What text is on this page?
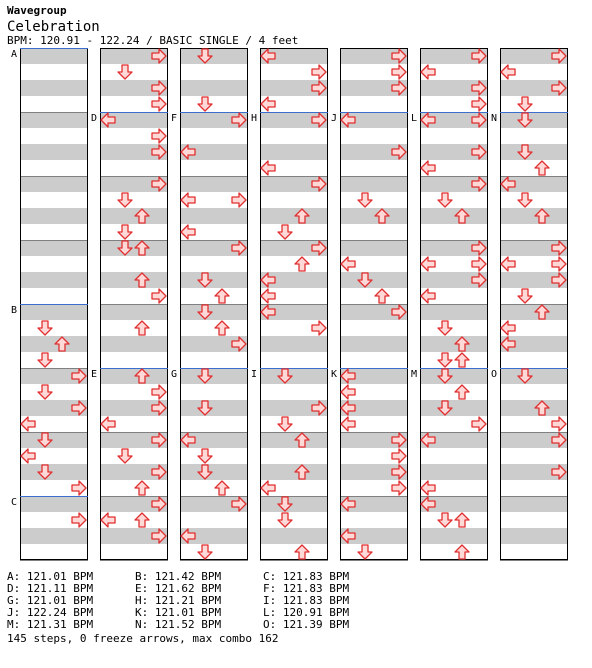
Wavegroup
Celebration
BPM: 120.91 - 122.24 / BASIC SINGLE / 4 feet
A
B
C
D
E
F
G
H
I
J
K
L
M
N
O
A: 121.01 BPM	B: 121.42 BPM	C: 121.83 BPM
D: 121.11 BPM	E: 121.62 BPM	F: 121.83 BPM
G: 121.01 BPM	H: 121.21 BPM	I: 121.83 BPM
J: 122.24 BPM	K: 121.01 BPM	L: 120.91 BPM
M: 121.31 BPM	N: 121.52 BPM	O: 121.39 BPM
145 steps, 0 freeze arrows, max combo 162
